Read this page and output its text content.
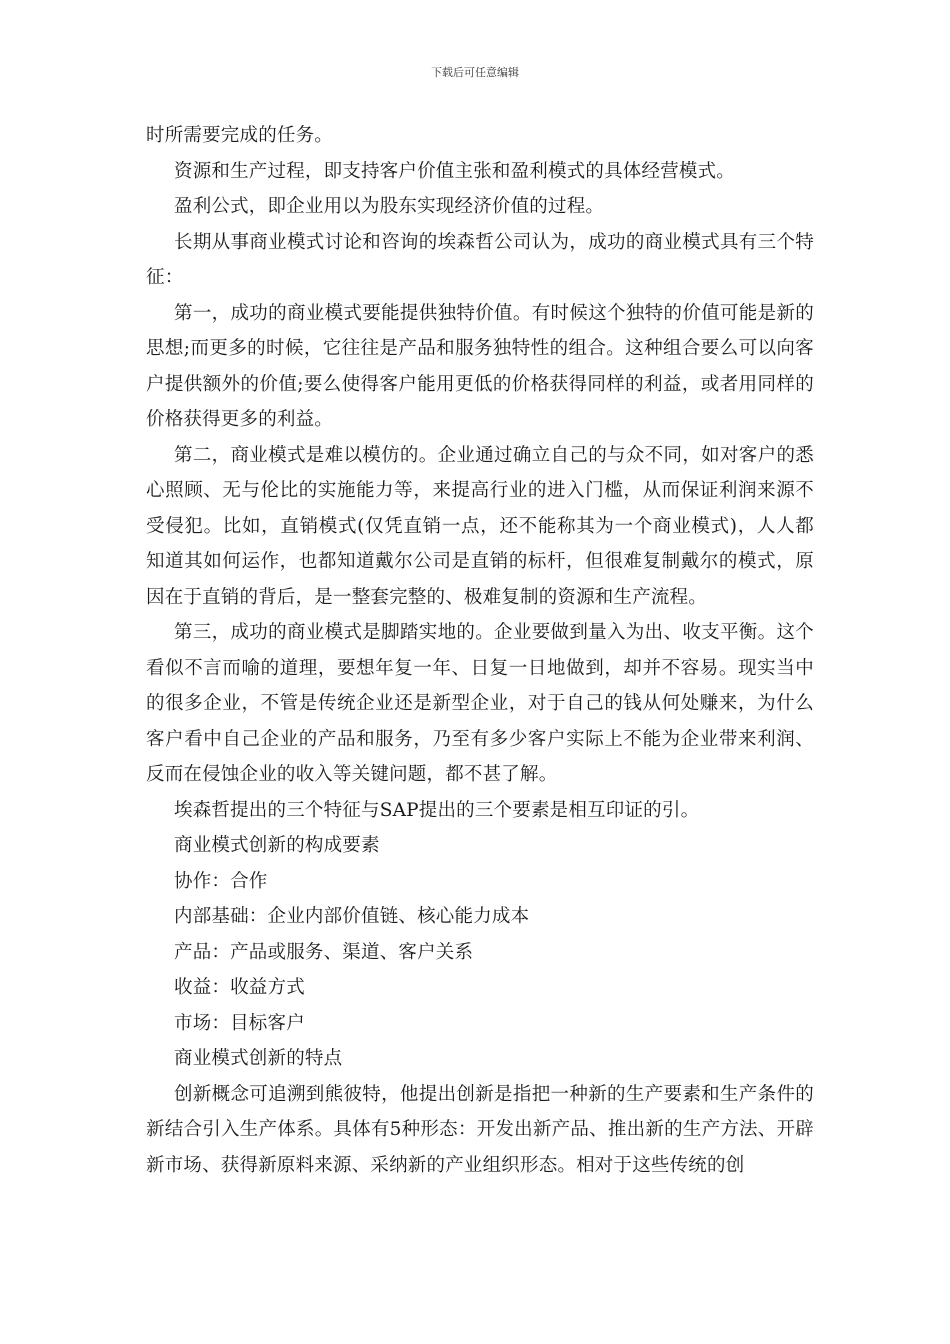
下载后可任意编辑

时所需要完成的任务。

资源和生产过程，即支持客户价值主张和盈利模式的具体经营模式。

盈利公式，即企业用以为股东实现经济价值的过程。

长期从事商业模式讨论和咨询的埃森哲公司认为，成功的商业模式具有三个特征：

第一，成功的商业模式要能提供独特价值。有时候这个独特的价值可能是新的思想;而更多的时候，它往往是产品和服务独特性的组合。这种组合要么可以向客户提供额外的价值;要么使得客户能用更低的价格获得同样的利益，或者用同样的价格获得更多的利益。

第二，商业模式是难以模仿的。企业通过确立自己的与众不同，如对客户的悉心照顾、无与伦比的实施能力等，来提高行业的进入门槛，从而保证利润来源不受侵犯。比如，直销模式(仅凭直销一点，还不能称其为一个商业模式)，人人都知道其如何运作，也都知道戴尔公司是直销的标杆，但很难复制戴尔的模式，原因在于直销的背后，是一整套完整的、极难复制的资源和生产流程。

第三，成功的商业模式是脚踏实地的。企业要做到量入为出、收支平衡。这个看似不言而喻的道理，要想年复一年、日复一日地做到，却并不容易。现实当中的很多企业，不管是传统企业还是新型企业，对于自己的钱从何处赚来，为什么客户看中自己企业的产品和服务，乃至有多少客户实际上不能为企业带来利润、反而在侵蚀企业的收入等关键问题，都不甚了解。

埃森哲提出的三个特征与SAP提出的三个要素是相互印证的引。

商业模式创新的构成要素

协作：合作

内部基础：企业内部价值链、核心能力成本

产品：产品或服务、渠道、客户关系

收益：收益方式

市场：目标客户

商业模式创新的特点

创新概念可追溯到熊彼特，他提出创新是指把一种新的生产要素和生产条件的新结合引入生产体系。具体有5种形态：开发出新产品、推出新的生产方法、开辟新市场、获得新原料来源、采纳新的产业组织形态。相对于这些传统的创
